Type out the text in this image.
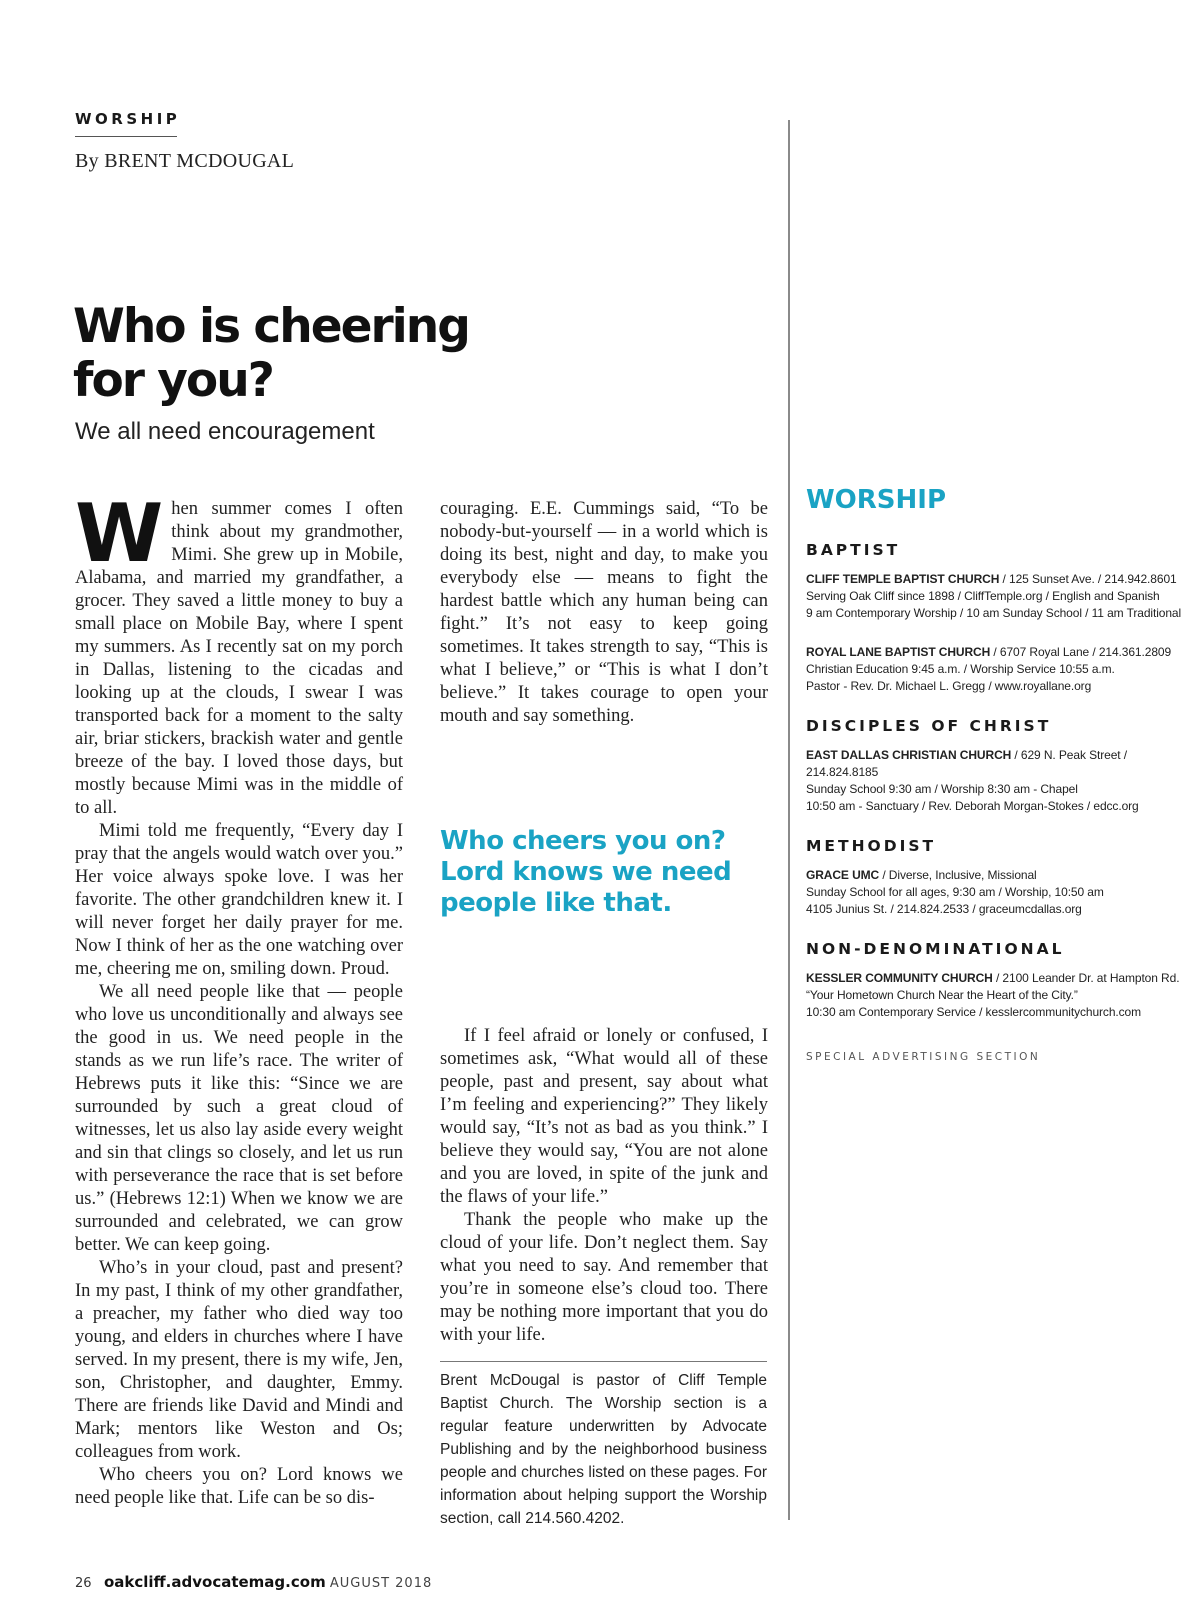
WORSHIP
By BRENT MCDOUGAL
Who is cheering
for you?
We all need encouragement

When summer comes I often think about my grandmother, Mimi. She grew up in Mobile, Alabama, and married my grandfather, a grocer. They saved a little money to buy a small place on Mobile Bay, where I spent my summers. As I recently sat on my porch in Dallas, listening to the cicadas and looking up at the clouds, I swear I was transported back for a moment to the salty air, briar stickers, brackish water and gentle breeze of the bay. I loved those days, but mostly because Mimi was in the middle of to all.

Mimi told me frequently, “Every day I pray that the angels would watch over you.” Her voice always spoke love. I was her favorite. The other grandchildren knew it. I will never forget her daily prayer for me. Now I think of her as the one watching over me, cheering me on, smiling down. Proud.

We all need people like that — people who love us unconditionally and always see the good in us. We need people in the stands as we run life’s race. The writer of Hebrews puts it like this: “Since we are surrounded by such a great cloud of witnesses, let us also lay aside every weight and sin that clings so closely, and let us run with perseverance the race that is set before us.” (Hebrews 12:1) When we know we are surrounded and celebrated, we can grow better. We can keep going.

Who’s in your cloud, past and present? In my past, I think of my other grandfather, a preacher, my father who died way too young, and elders in churches where I have served. In my present, there is my wife, Jen, son, Christopher, and daughter, Emmy. There are friends like David and Mindi and Mark; mentors like Weston and Os; colleagues from work.

Who cheers you on? Lord knows we need people like that. Life can be so dis-

couraging. E.E. Cummings said, “To be nobody-but-yourself — in a world which is doing its best, night and day, to make you everybody else — means to fight the hardest battle which any human being can fight.” It’s not easy to keep going sometimes. It takes strength to say, “This is what I believe,” or “This is what I don’t believe.” It takes courage to open your mouth and say something.

Who cheers you on? Lord knows we need people like that.

If I feel afraid or lonely or confused, I sometimes ask, “What would all of these people, past and present, say about what I’m feeling and experiencing?” They likely would say, “It’s not as bad as you think.” I believe they would say, “You are not alone and you are loved, in spite of the junk and the flaws of your life.”

Thank the people who make up the cloud of your life. Don’t neglect them. Say what you need to say. And remember that you’re in someone else’s cloud too. There may be nothing more important that you do with your life.

Brent McDougal is pastor of Cliff Temple Baptist Church. The Worship section is a regular feature underwritten by Advocate Publishing and by the neighborhood business people and churches listed on these pages. For information about helping support the Worship section, call 214.560.4202.

WORSHIP
BAPTIST
CLIFF TEMPLE BAPTIST CHURCH / 125 Sunset Ave. / 214.942.8601
Serving Oak Cliff since 1898 / CliffTemple.org / English and Spanish
9 am Contemporary Worship / 10 am Sunday School / 11 am Traditional
ROYAL LANE BAPTIST CHURCH / 6707 Royal Lane / 214.361.2809
Christian Education 9:45 a.m. / Worship Service 10:55 a.m.
Pastor - Rev. Dr. Michael L. Gregg / www.royallane.org
DISCIPLES OF CHRIST
EAST DALLAS CHRISTIAN CHURCH / 629 N. Peak Street / 214.824.8185
Sunday School 9:30 am / Worship 8:30 am - Chapel
10:50 am - Sanctuary / Rev. Deborah Morgan-Stokes / edcc.org
METHODIST
GRACE UMC / Diverse, Inclusive, Missional
Sunday School for all ages, 9:30 am / Worship, 10:50 am
4105 Junius St. / 214.824.2533 / graceumcdallas.org
NON-DENOMINATIONAL
KESSLER COMMUNITY CHURCH / 2100 Leander Dr. at Hampton Rd.
“Your Hometown Church Near the Heart of the City.”
10:30 am Contemporary Service / kesslercommunitychurch.com
SPECIAL ADVERTISING SECTION
26 oakcliff.advocatemag.com AUGUST 2018
